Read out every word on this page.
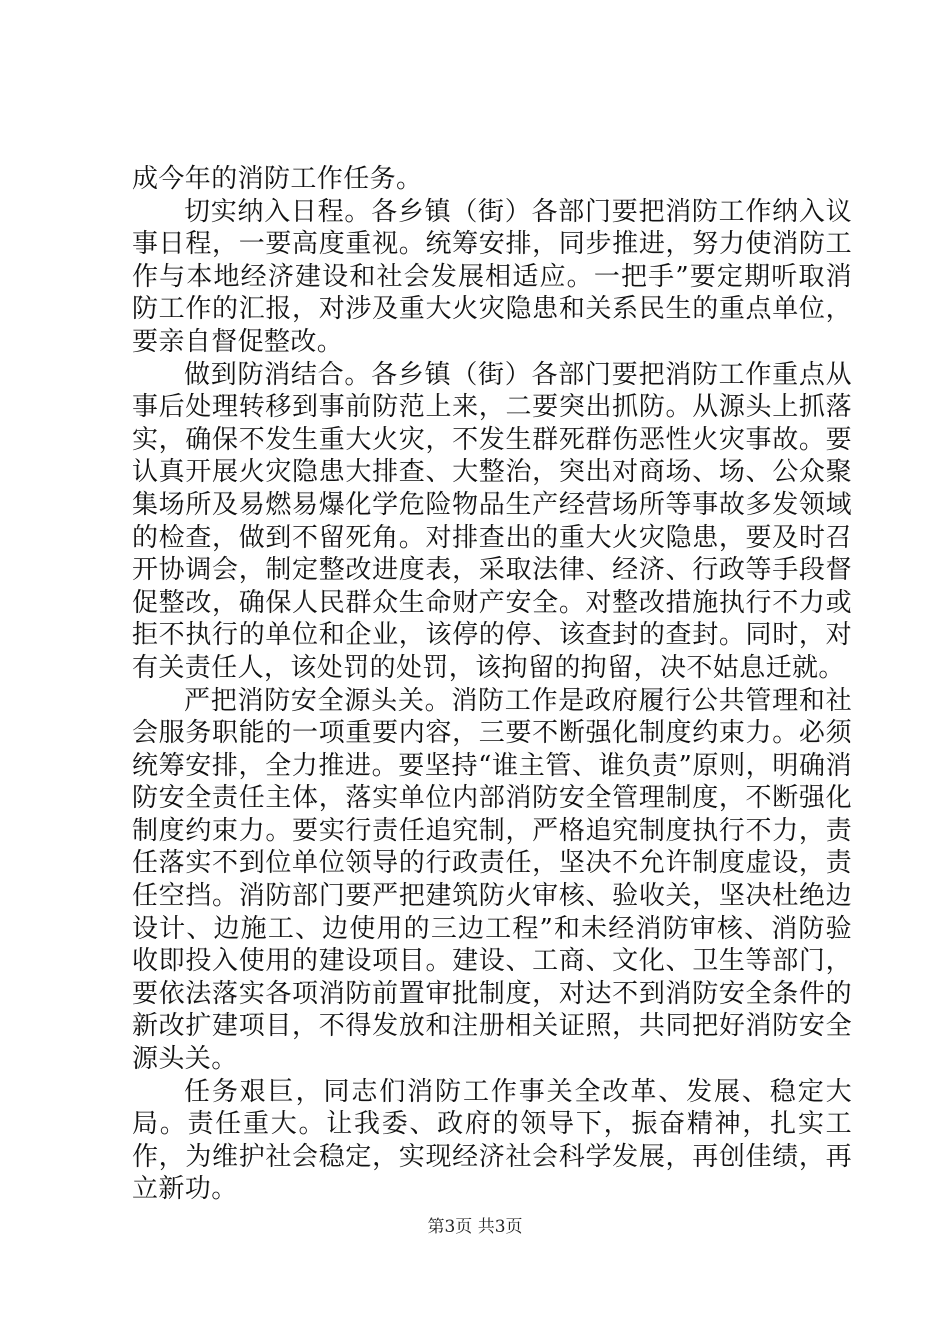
成今年的消防工作任务。

切实纳入日程。各乡镇（街）各部门要把消防工作纳入议事日程，一要高度重视。统筹安排，同步推进，努力使消防工作与本地经济建设和社会发展相适应。一把手”要定期听取消防工作的汇报，对涉及重大火灾隐患和关系民生的重点单位，要亲自督促整改。

做到防消结合。各乡镇（街）各部门要把消防工作重点从事后处理转移到事前防范上来，二要突出抓防。从源头上抓落实，确保不发生重大火灾，不发生群死群伤恶性火灾事故。要认真开展火灾隐患大排查、大整治，突出对商场、场、公众聚集场所及易燃易爆化学危险物品生产经营场所等事故多发领域的检查，做到不留死角。对排查出的重大火灾隐患，要及时召开协调会，制定整改进度表，采取法律、经济、行政等手段督促整改，确保人民群众生命财产安全。对整改措施执行不力或拒不执行的单位和企业，该停的停、该查封的查封。同时，对有关责任人，该处罚的处罚，该拘留的拘留，决不姑息迁就。

严把消防安全源头关。消防工作是政府履行公共管理和社会服务职能的一项重要内容，三要不断强化制度约束力。必须统筹安排，全力推进。要坚持“谁主管、谁负责”原则，明确消防安全责任主体，落实单位内部消防安全管理制度，不断强化制度约束力。要实行责任追究制，严格追究制度执行不力，责任落实不到位单位领导的行政责任，坚决不允许制度虚设，责任空挡。消防部门要严把建筑防火审核、验收关，坚决杜绝边设计、边施工、边使用的三边工程”和未经消防审核、消防验收即投入使用的建设项目。建设、工商、文化、卫生等部门，要依法落实各项消防前置审批制度，对达不到消防安全条件的新改扩建项目，不得发放和注册相关证照，共同把好消防安全源头关。

任务艰巨，同志们消防工作事关全改革、发展、稳定大局。责任重大。让我委、政府的领导下，振奋精神，扎实工作，为维护社会稳定，实现经济社会科学发展，再创佳绩，再立新功。

第3页 共3页
